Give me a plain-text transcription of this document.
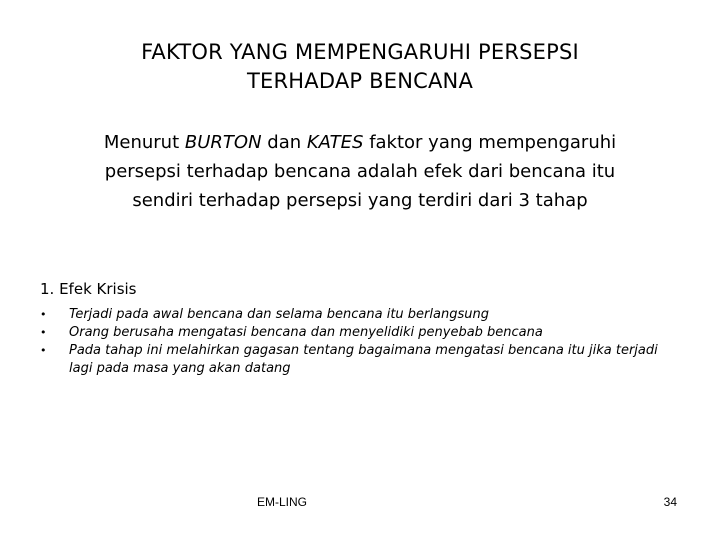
FAKTOR YANG MEMPENGARUHI PERSEPSI
TERHADAP BENCANA
Menurut BURTON dan KATES faktor yang mempengaruhi
persepsi terhadap bencana adalah efek dari bencana itu
sendiri terhadap persepsi yang terdiri dari 3 tahap
1. Efek Krisis
• Terjadi pada awal bencana dan selama bencana itu berlangsung
• Orang berusaha mengatasi bencana dan menyelidiki penyebab bencana
• Pada tahap ini melahirkan gagasan tentang bagaimana mengatasi bencana itu jika terjadi lagi pada masa yang akan datang
EM-LING	34
